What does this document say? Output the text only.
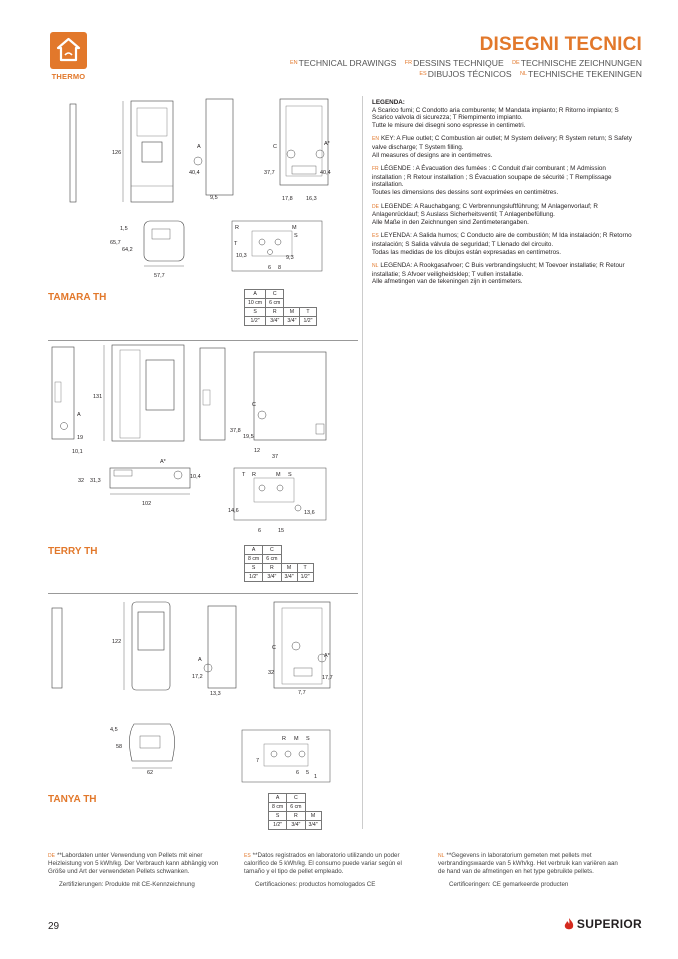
THERMO
DISEGNI TECNICI
$^{EN}$TECHNICAL DRAWINGS $^{FR}$DESSINS TECHNIQUE $^{DE}$TECHNISCHE ZEICHNUNGEN
$^{ES}$DIBUJOS TÉCNICOS $^{NL}$TECHNISCHE TEKENINGEN
126
A
40,4
9,5
C	A*
37,7	40,4
17,8 16,3
1,5
65,7
64,2
57,7
R	M
T
S
10,3	9,3
6 8
TAMARA TH	A	C		
10 cm	6 cm		
S	R	M	T
1/2"	3/4"	3/4"	1/2"
A
19
10,1
131
C
37,8
19,5
12
37
A*
32 31,3
10,4
102
T R	M S
14,6	13,6
6	15
TERRY TH	A	C		
8 cm	6 cm		
S	R	M	T
1/2"	3/4"	3/4"	1/2"
122
A
17,2
13,3
C
A*
32
17,7
7,7
4,5
58
62
R M S
7
6 5
1
TANYA TH	A	C	
8 cm	6 cm	
S	R	M
1/2"	3/4"	3/4"
LEGENDA:
A Scarico fumi; C Condotto aria comburente; M Mandata impianto; R Ritorno impianto; S Scarico valvola di sicurezza; T Riempimento impianto.
Tutte le misure dei disegni sono espresse in centimetri.
EN KEY: A Flue outlet; C Combustion air outlet; M System delivery; R System return; S Safety valve discharge; T System filling.
All measures of designs are in centimetres.
FR LÉGENDE : A Évacuation des fumées : C Conduit d'air comburant ; M Admission installation ; R Retour installation ; S Évacuation soupape de sécurité ; T Remplissage installation.
Toutes les dimensions des dessins sont exprimées en centimètres.
DE LEGENDE: A Rauchabgang; C Verbrennungsluftführung; M Anlagenvorlauf; R Anlagenrücklauf; S Auslass Sicherheitsventil; T Anlagenbefüllung.
Alle Maße in den Zeichnungen sind Zentimeterangaben.
ES LEYENDA: A Salida humos; C Conducto aire de combustión; M Ida instalación; R Retorno instalación; S Salida válvula de seguridad; T Llenado del circuito.
Todas las medidas de los dibujos están expresadas en centímetros.
NL LEGENDA: A Rookgasafvoer; C Buis verbrandingslucht; M Toevoer installatie; R Retour installatie; S Afvoer veiligheidsklep; T vullen installatie.
Alle afmetingen van de tekeningen zijn in centimeters.
DE **Labordaten unter Verwendung von Pellets mit einer Heizleistung von 5 kWh/kg. Der Verbrauch kann abhängig von Größe und Art der verwendeten Pellets schwanken.
Zertifizierungen: Produkte mit CE-Kennzeichnung
ES **Datos registrados en laboratorio utilizando un poder calorífico de 5 kWh/kg. El consumo puede variar según el tamaño y el tipo de pellet empleado.
Certificaciones: productos homologados CE
NL **Gegevens in laboratorium gemeten met pellets met verbrandingswaarde van 5 kWh/kg. Het verbruik kan variëren aan de hand van de afmetingen en het type gebruikte pellets.
Certificeringen: CE gemarkeerde producten
29	SUPERIOR
